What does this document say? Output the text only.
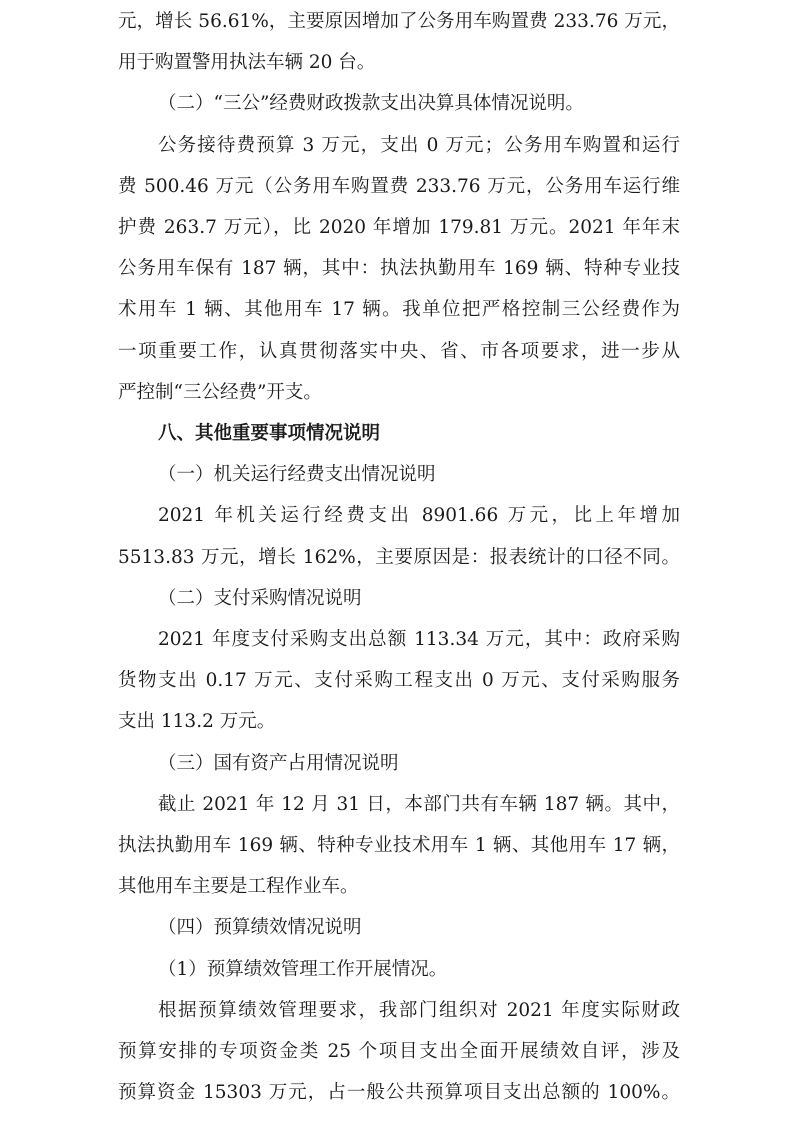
元，增长 56.61%，主要原因增加了公务用车购置费 233.76 万元，
用于购置警用执法车辆 20 台。
（二）“三公”经费财政拨款支出决算具体情况说明。
公务接待费预算 3 万元，支出 0 万元；公务用车购置和运行
费 500.46 万元（公务用车购置费 233.76 万元，公务用车运行维
护费 263.7 万元），比 2020 年增加 179.81 万元。2021 年年末
公务用车保有 187 辆，其中：执法执勤用车 169 辆、特种专业技
术用车 1 辆、其他用车 17 辆。我单位把严格控制三公经费作为
一项重要工作，认真贯彻落实中央、省、市各项要求，进一步从
严控制“三公经费”开支。
八、其他重要事项情况说明
（一）机关运行经费支出情况说明
2021 年机关运行经费支出 8901.66 万元，比上年增加
5513.83 万元，增长 162%，主要原因是：报表统计的口径不同。
（二）支付采购情况说明
2021 年度支付采购支出总额 113.34 万元，其中：政府采购
货物支出 0.17 万元、支付采购工程支出 0 万元、支付采购服务
支出 113.2 万元。
（三）国有资产占用情况说明
截止 2021 年 12 月 31 日，本部门共有车辆 187 辆。其中，
执法执勤用车 169 辆、特种专业技术用车 1 辆、其他用车 17 辆，
其他用车主要是工程作业车。
（四）预算绩效情况说明
（1）预算绩效管理工作开展情况。
根据预算绩效管理要求，我部门组织对 2021 年度实际财政
预算安排的专项资金类 25 个项目支出全面开展绩效自评，涉及
预算资金 15303 万元，占一般公共预算项目支出总额的 100%。
